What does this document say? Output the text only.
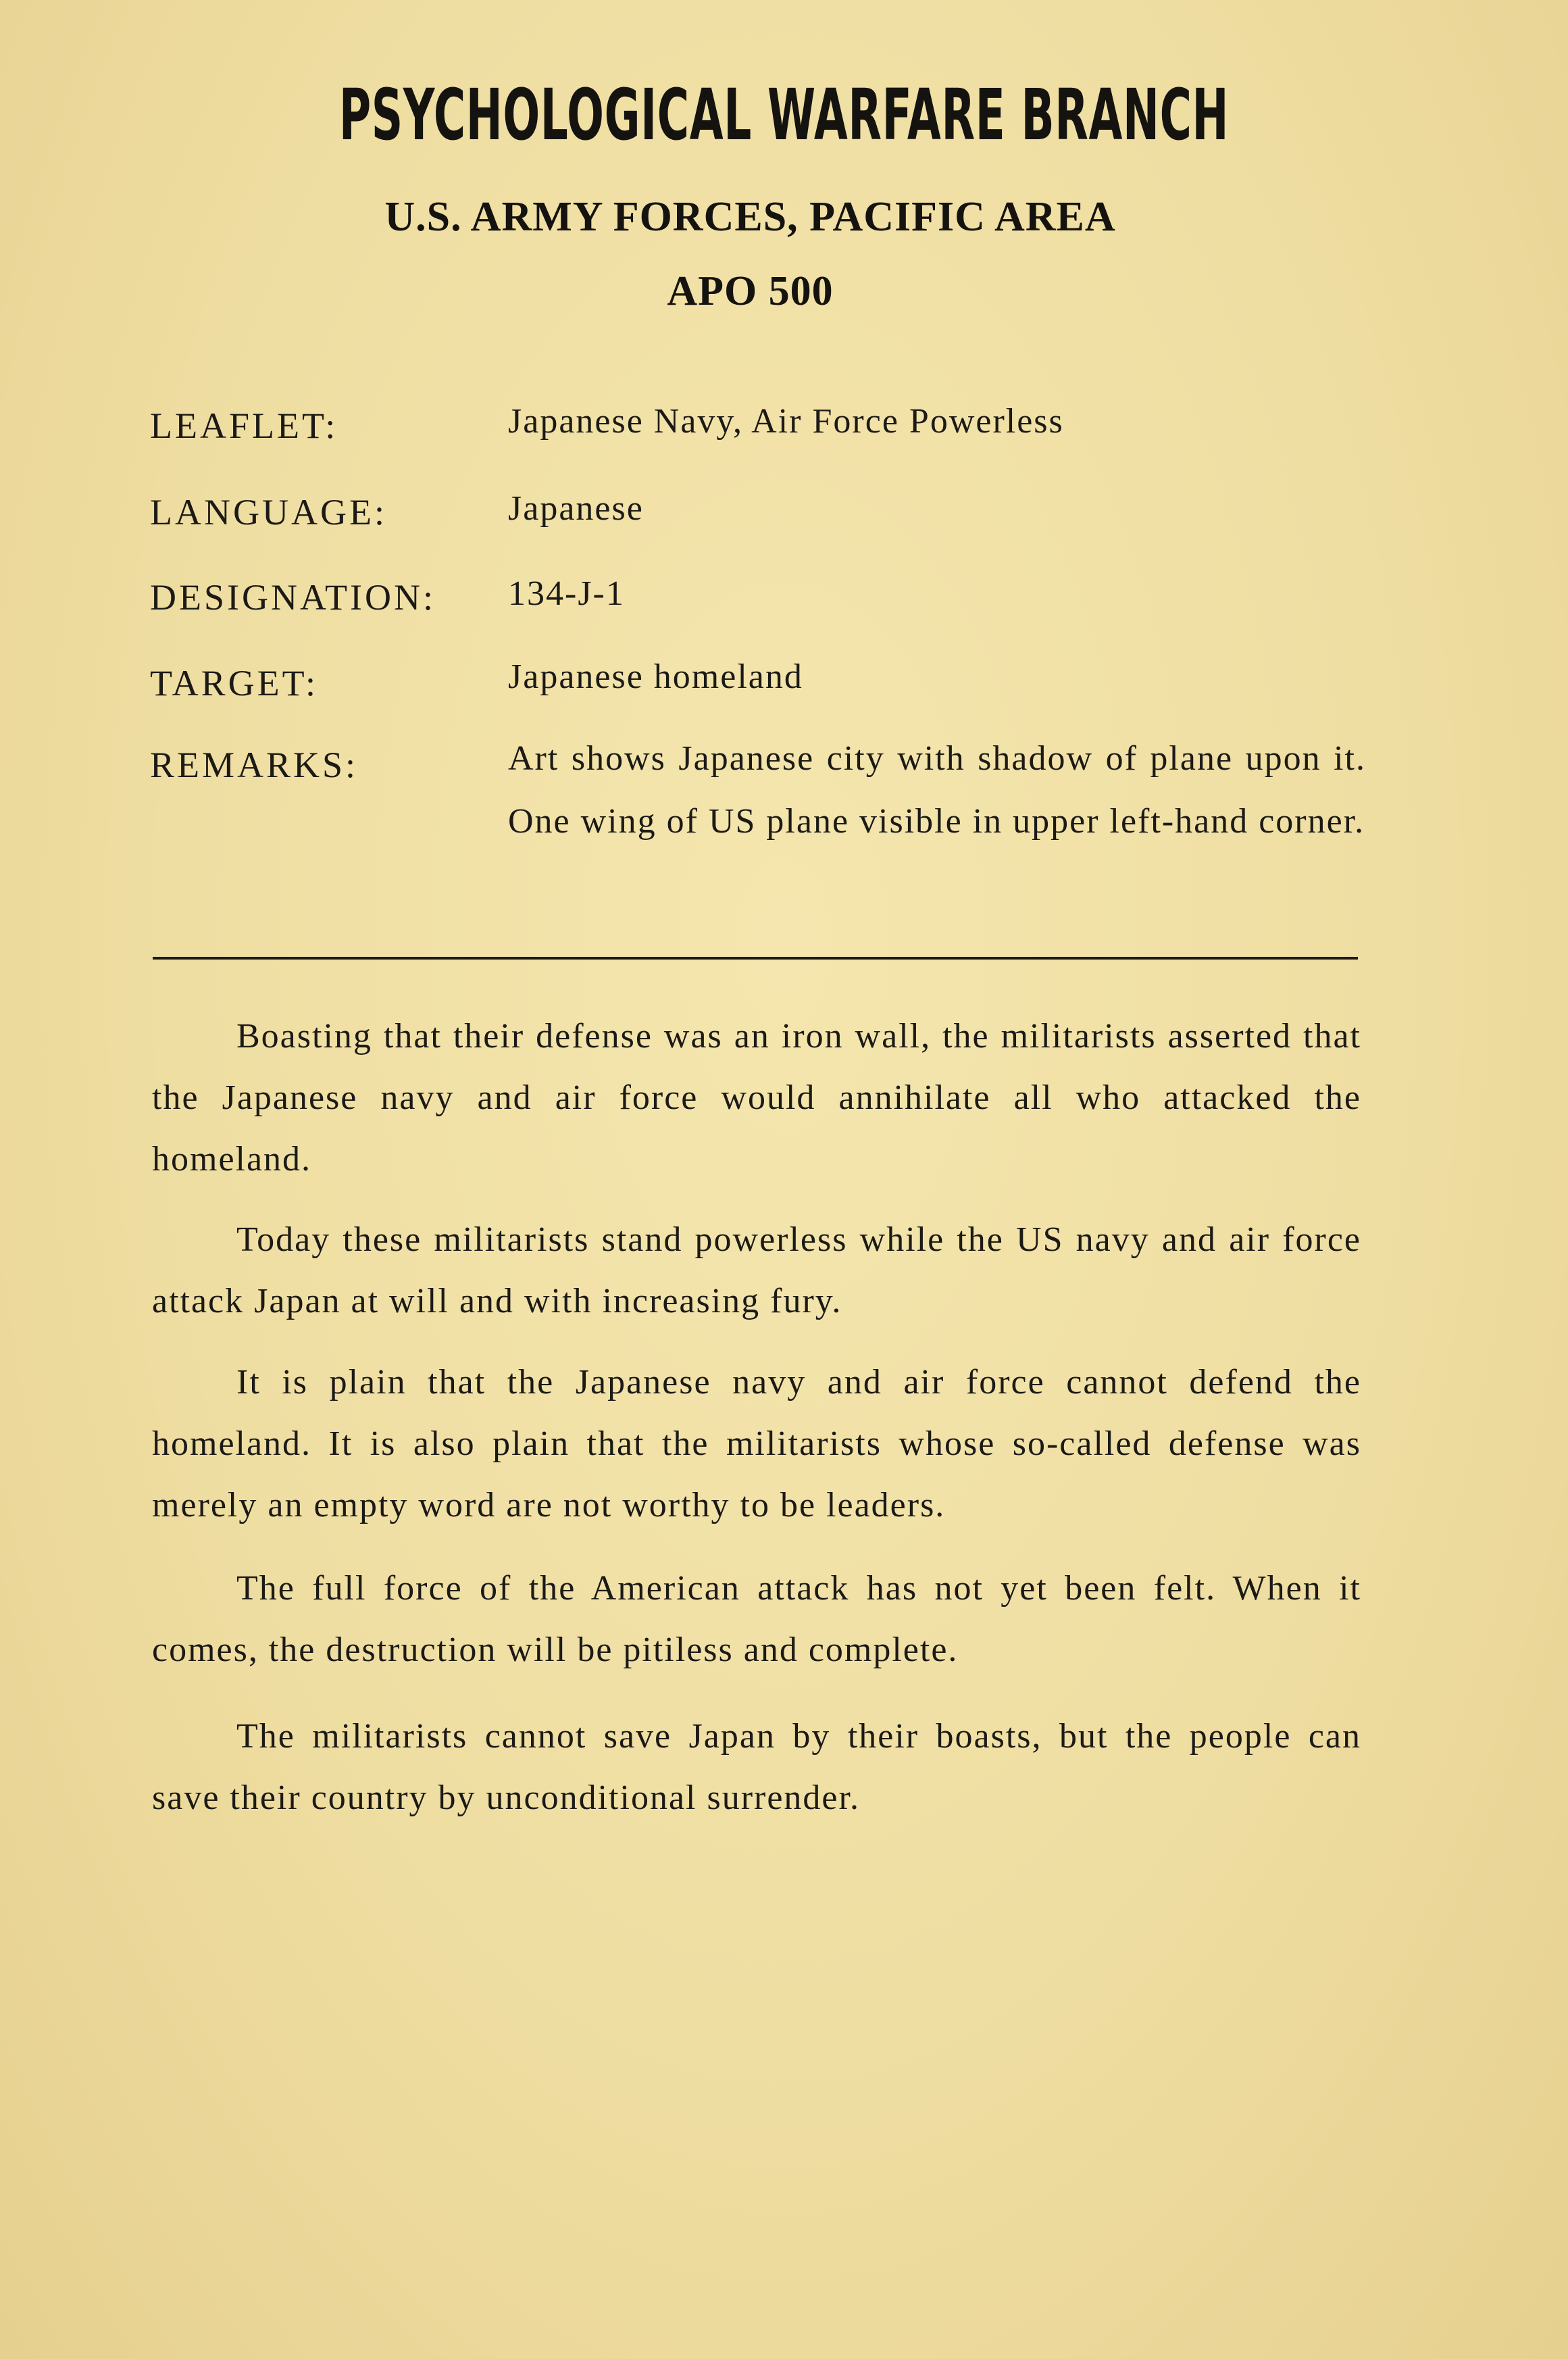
PSYCHOLOGICAL WARFARE BRANCH
U.S. ARMY FORCES, PACIFIC AREA
APO 500
LEAFLET:	Japanese Navy, Air Force Powerless
LANGUAGE:	Japanese
DESIGNATION: 134-J-1
TARGET:	Japanese homeland
REMARKS:	Art shows Japanese city with shadow of plane upon it. One wing of US plane visible in upper left-hand corner.
Boasting that their defense was an iron wall, the militarists asserted that the Japanese navy and air force would annihilate all who attacked the homeland.
Today these militarists stand powerless while the US navy and air force attack Japan at will and with increasing fury.
It is plain that the Japanese navy and air force cannot defend the homeland. It is also plain that the militarists whose so-called defense was merely an empty word are not worthy to be leaders.
The full force of the American attack has not yet been felt. When it comes, the destruction will be pitiless and complete.
The militarists cannot save Japan by their boasts, but the people can save their country by unconditional surrender.
